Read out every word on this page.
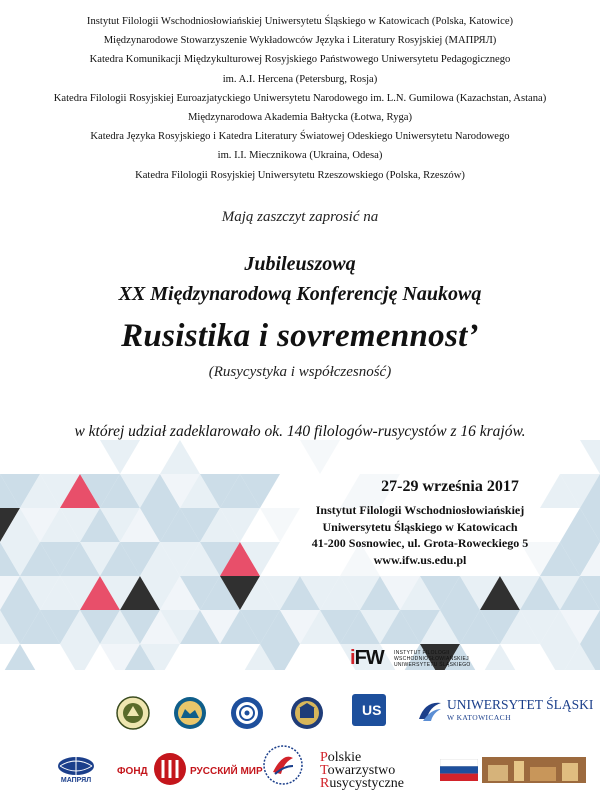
Instytut Filologii Wschodniosłowiańskiej Uniwersytetu Śląskiego w Katowicach (Polska, Katowice)
Międzynarodowe Stowarzyszenie Wykładowców Języka i Literatury Rosyjskiej (МАПРЯЛ)
Katedra Komunikacji Międzykulturowej Rosyjskiego Państwowego Uniwersytetu Pedagogicznego
im. A.I. Hercena (Petersburg, Rosja)
Katedra Filologii Rosyjskiej Euroazjatyckiego Uniwersytetu Narodowego im. L.N. Gumilowa (Kazachstan, Astana)
Międzynarodowa Akademia Bałtycka (Łotwa, Ryga)
Katedra Języka Rosyjskiego i Katedra Literatury Światowej Odeskiego Uniwersytetu Narodowego
im. I.I. Miecznikowa (Ukraina, Odesa)
Katedra Filologii Rosyjskiej Uniwersytetu Rzeszowskiego (Polska, Rzeszów)
Mają zaszczyt zaprosić na
Jubileuszową
XX Międzynarodową Konferencję Naukową
Rusistika i sovremennost’
(Rusycystyka i współczesność)
w której udział zadeklarowało ok. 140 filologów-rusycystów z 16 krajów.
27-29 września 2017
Instytut Filologii Wschodniosłowiańskiej
Uniwersytetu Śląskiego w Katowicach
41-200 Sosnowiec, ul. Grota-Roweckiego 5
www.ifw.us.edu.pl
iFW INSTYTUT FILOLOGII
WSCHODNIOSŁOWIAŃSKIEJ
UNIWERSYTETU ŚLĄSKIEGO
US	UNIWERSYTET ŚLĄSKI
W KATOWICACH
МАПРЯЛ
ФОНД	РУССКИЙ МИР
Polskie
Towarzystwo
Rusycystyczne
